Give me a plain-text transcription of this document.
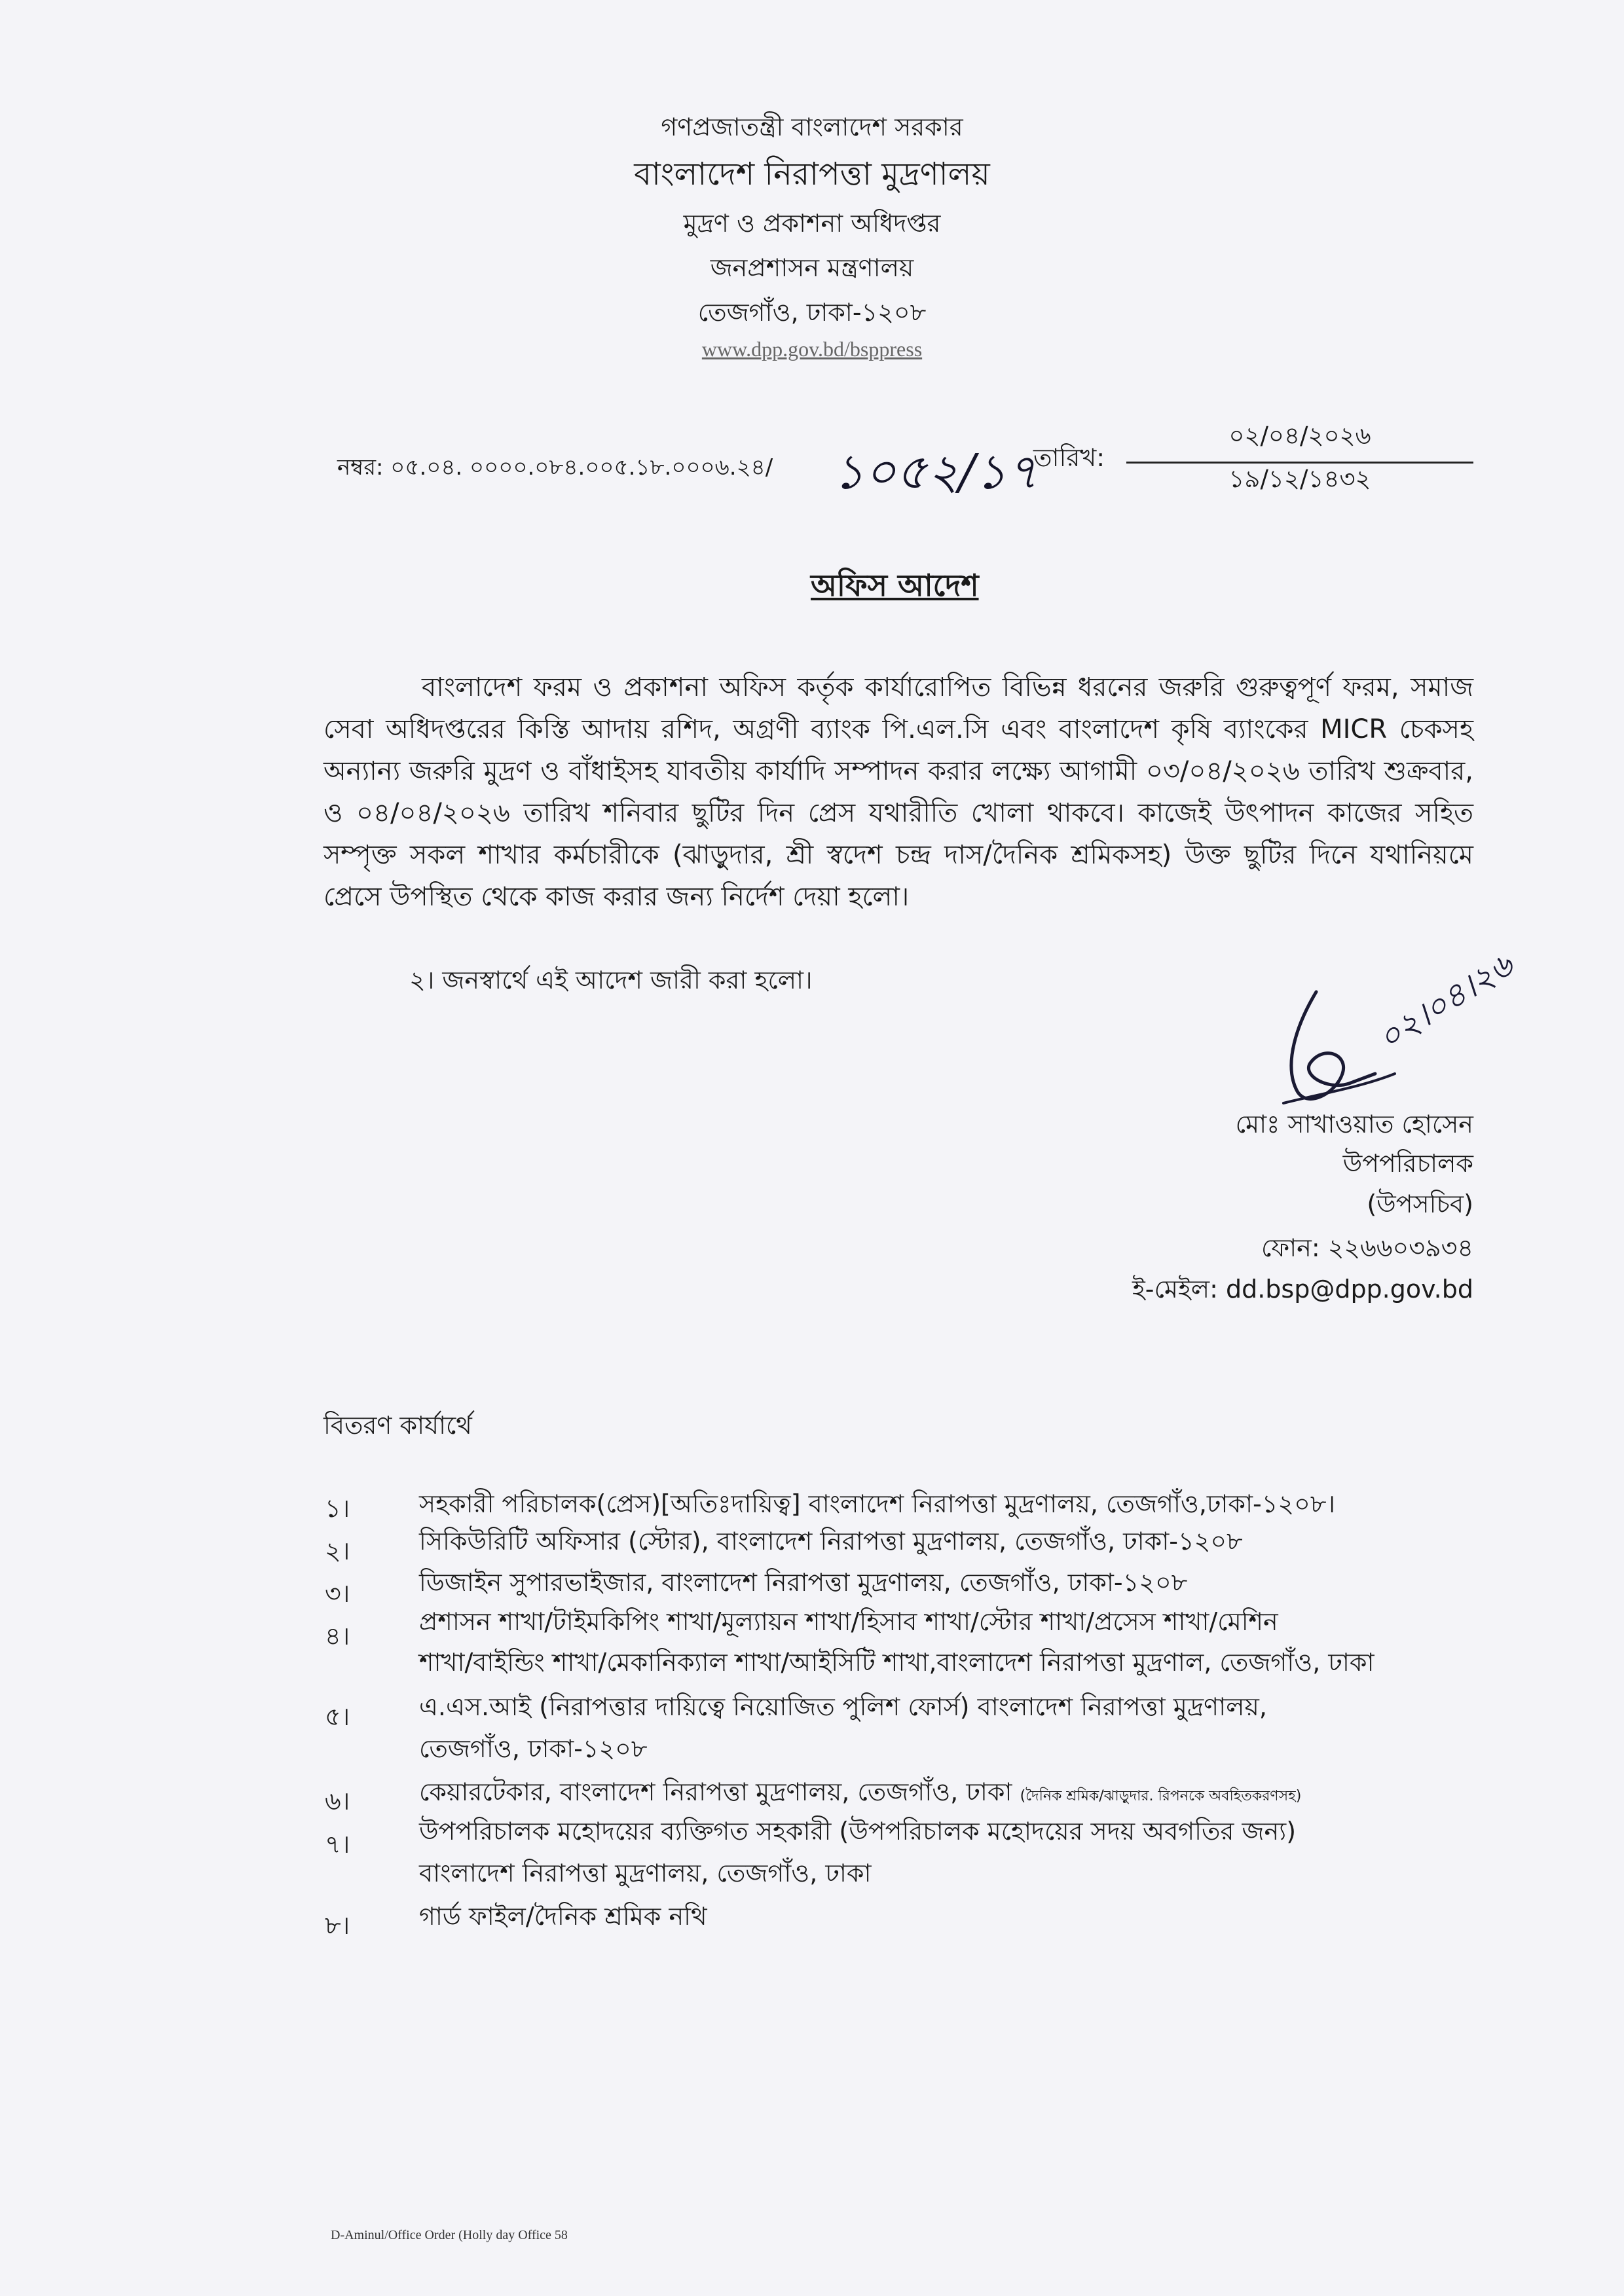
গণপ্রজাতন্ত্রী বাংলাদেশ সরকার
বাংলাদেশ নিরাপত্তা মুদ্রণালয়
মুদ্রণ ও প্রকাশনা অধিদপ্তর
জনপ্রশাসন মন্ত্রণালয়
তেজগাঁও, ঢাকা-১২০৮
www.dpp.gov.bd/bsppress
নম্বর: ০৫.০৪. ০০০০.০৮৪.০০৫.১৮.০০০৬.২৪/ ১০৫২/১৭
তারিখ:
০২/০৪/২০২৬
১৯/১২/১৪৩২
অফিস আদেশ
বাংলাদেশ ফরম ও প্রকাশনা অফিস কর্তৃক কার্যারোপিত বিভিন্ন ধরনের জরুরি গুরুত্বপূর্ণ ফরম, সমাজ সেবা অধিদপ্তরের কিস্তি আদায় রশিদ, অগ্রণী ব্যাংক পি.এল.সি এবং বাংলাদেশ কৃষি ব্যাংকের MICR চেকসহ অন্যান্য জরুরি মুদ্রণ ও বাঁধাইসহ যাবতীয় কার্যাদি সম্পাদন করার লক্ষ্যে আগামী ০৩/০৪/২০২৬ তারিখ শুক্রবার, ও ০৪/০৪/২০২৬ তারিখ শনিবার ছুটির দিন প্রেস যথারীতি খোলা থাকবে। কাজেই উৎপাদন কাজের সহিত সম্পৃক্ত সকল শাখার কর্মচারীকে (ঝাড়ুদার, শ্রী স্বদেশ চন্দ্র দাস/দৈনিক শ্রমিকসহ) উক্ত ছুটির দিনে যথানিয়মে প্রেসে উপস্থিত থেকে কাজ করার জন্য নির্দেশ দেয়া হলো।
২। জনস্বার্থে এই আদেশ জারী করা হলো।	০২।০৪।২৬
মোঃ সাখাওয়াত হোসেন
উপপরিচালক
(উপসচিব)
ফোন: ২২৬৬০৩৯৩৪
ই-মেইল: dd.bsp@dpp.gov.bd
বিতরণ কার্যার্থে
১।	সহকারী পরিচালক(প্রেস)[অতিঃদায়িত্ব] বাংলাদেশ নিরাপত্তা মুদ্রণালয়, তেজগাঁও,ঢাকা-১২০৮।
২।	সিকিউরিটি অফিসার (স্টোর), বাংলাদেশ নিরাপত্তা মুদ্রণালয়, তেজগাঁও, ঢাকা-১২০৮
৩।	ডিজাইন সুপারভাইজার, বাংলাদেশ নিরাপত্তা মুদ্রণালয়, তেজগাঁও, ঢাকা-১২০৮
৪।	প্রশাসন শাখা/টাইমকিপিং শাখা/মূল্যায়ন শাখা/হিসাব শাখা/স্টোর শাখা/প্রসেস শাখা/মেশিন
শাখা/বাইন্ডিং শাখা/মেকানিক্যাল শাখা/আইসিটি শাখা,বাংলাদেশ নিরাপত্তা মুদ্রণাল, তেজগাঁও, ঢাকা
৫।	এ.এস.আই (নিরাপত্তার দায়িত্বে নিয়োজিত পুলিশ ফোর্স) বাংলাদেশ নিরাপত্তা মুদ্রণালয়,
তেজগাঁও, ঢাকা-১২০৮
৬।	কেয়ারটেকার, বাংলাদেশ নিরাপত্তা মুদ্রণালয়, তেজগাঁও, ঢাকা (দৈনিক শ্রমিক/ঝাড়ুদার. রিপনকে অবহিতকরণসহ)
৭।	উপপরিচালক মহোদয়ের ব্যক্তিগত সহকারী (উপপরিচালক মহোদয়ের সদয় অবগতির জন্য)
বাংলাদেশ নিরাপত্তা মুদ্রণালয়, তেজগাঁও, ঢাকা
৮।	গার্ড ফাইল/দৈনিক শ্রমিক নথি
D-Aminul/Office Order (Holly day Office 58
